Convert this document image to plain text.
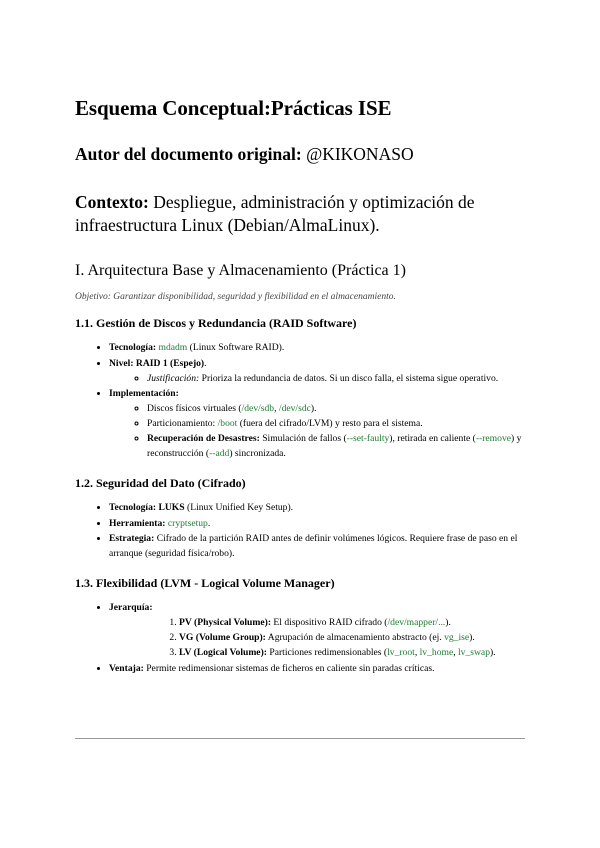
Esquema Conceptual:Prácticas ISE
Autor del documento original: @KIKONASO
Contexto: Despliegue, administración y optimización de infraestructura Linux (Debian/AlmaLinux).
I. Arquitectura Base y Almacenamiento (Práctica 1)

Objetivo: Garantizar disponibilidad, seguridad y flexibilidad en el almacenamiento.

1.1. Gestión de Discos y Redundancia (RAID Software)
• Tecnología: mdadm (Linux Software RAID).
• Nivel: RAID 1 (Espejo).
◦ Justificación: Prioriza la redundancia de datos. Si un disco falla, el sistema sigue operativo.
• Implementación:
◦ Discos físicos virtuales (/dev/sdb, /dev/sdc).
◦ Particionamiento: /boot (fuera del cifrado/LVM) y resto para el sistema.
◦ Recuperación de Desastres: Simulación de fallos (--set-faulty), retirada en caliente (--remove) y reconstrucción (--add) sincronizada.
1.2. Seguridad del Dato (Cifrado)
• Tecnología: LUKS (Linux Unified Key Setup).
• Herramienta: cryptsetup.
• Estrategia: Cifrado de la partición RAID antes de definir volúmenes lógicos. Requiere frase de paso en el arranque (seguridad física/robo).
1.3. Flexibilidad (LVM - Logical Volume Manager)
• Jerarquía:
1. PV (Physical Volume): El dispositivo RAID cifrado (/dev/mapper/...).
2. VG (Volume Group): Agrupación de almacenamiento abstracto (ej. vg_ise).
3. LV (Logical Volume): Particiones redimensionables (lv_root, lv_home, lv_swap).
• Ventaja: Permite redimensionar sistemas de ficheros en caliente sin paradas críticas.
